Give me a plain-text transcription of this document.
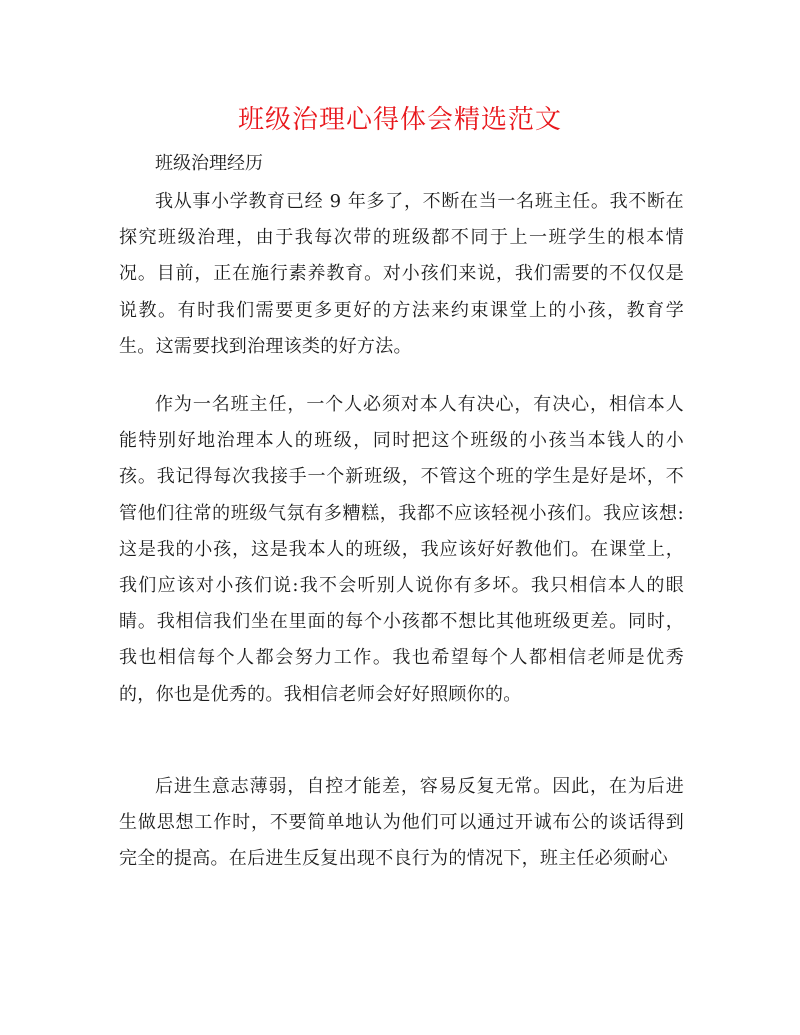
班级治理心得体会精选范文

班级治理经历

我从事小学教育已经 9 年多了，不断在当一名班主任。我不断在探究班级治理，由于我每次带的班级都不同于上一班学生的根本情况。目前，正在施行素养教育。对小孩们来说，我们需要的不仅仅是说教。有时我们需要更多更好的方法来约束课堂上的小孩，教育学生。这需要找到治理该类的好方法。

作为一名班主任，一个人必须对本人有决心，有决心，相信本人能特别好地治理本人的班级，同时把这个班级的小孩当本钱人的小孩。我记得每次我接手一个新班级，不管这个班的学生是好是坏，不管他们往常的班级气氛有多糟糕，我都不应该轻视小孩们。我应该想:这是我的小孩，这是我本人的班级，我应该好好教他们。在课堂上，我们应该对小孩们说:我不会听别人说你有多坏。我只相信本人的眼睛。我相信我们坐在里面的每个小孩都不想比其他班级更差。同时，我也相信每个人都会努力工作。我也希望每个人都相信老师是优秀的，你也是优秀的。我相信老师会好好照顾你的。

后进生意志薄弱，自控才能差，容易反复无常。因此，在为后进生做思想工作时，不要简单地认为他们可以通过开诚布公的谈话得到完全的提高。在后进生反复出现不良行为的情况下，班主任必须耐心
